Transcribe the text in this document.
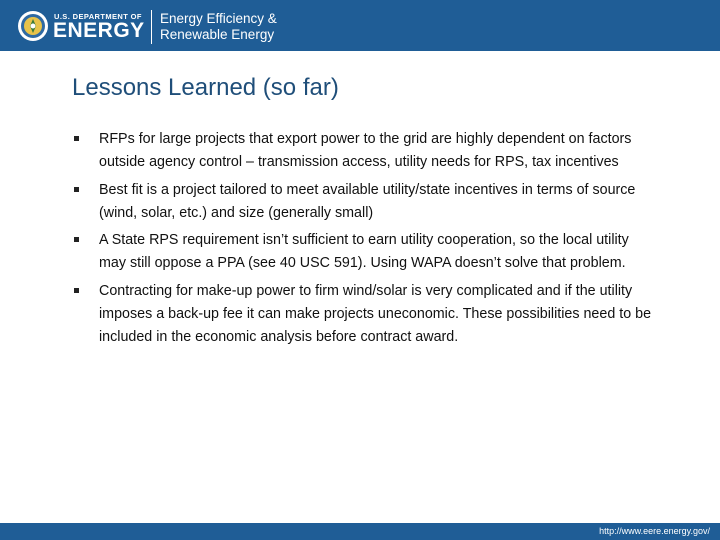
U.S. DEPARTMENT OF
ENERGY
Energy Efficiency &
Renewable Energy
Lessons Learned (so far)
RFPs for large projects that export power to the grid are highly dependent on factors outside agency control – transmission access, utility needs for RPS, tax incentives
Best fit is a project tailored to meet available utility/state incentives in terms of source (wind, solar, etc.) and size (generally small)
A State RPS requirement isn’t sufficient to earn utility cooperation, so the local utility may still oppose a PPA (see 40 USC 591). Using WAPA doesn’t solve that problem.
Contracting for make-up power to firm wind/solar is very complicated and if the utility imposes a back-up fee it can make projects uneconomic. These possibilities need to be included in the economic analysis before contract award.
http://www.eere.energy.gov/
